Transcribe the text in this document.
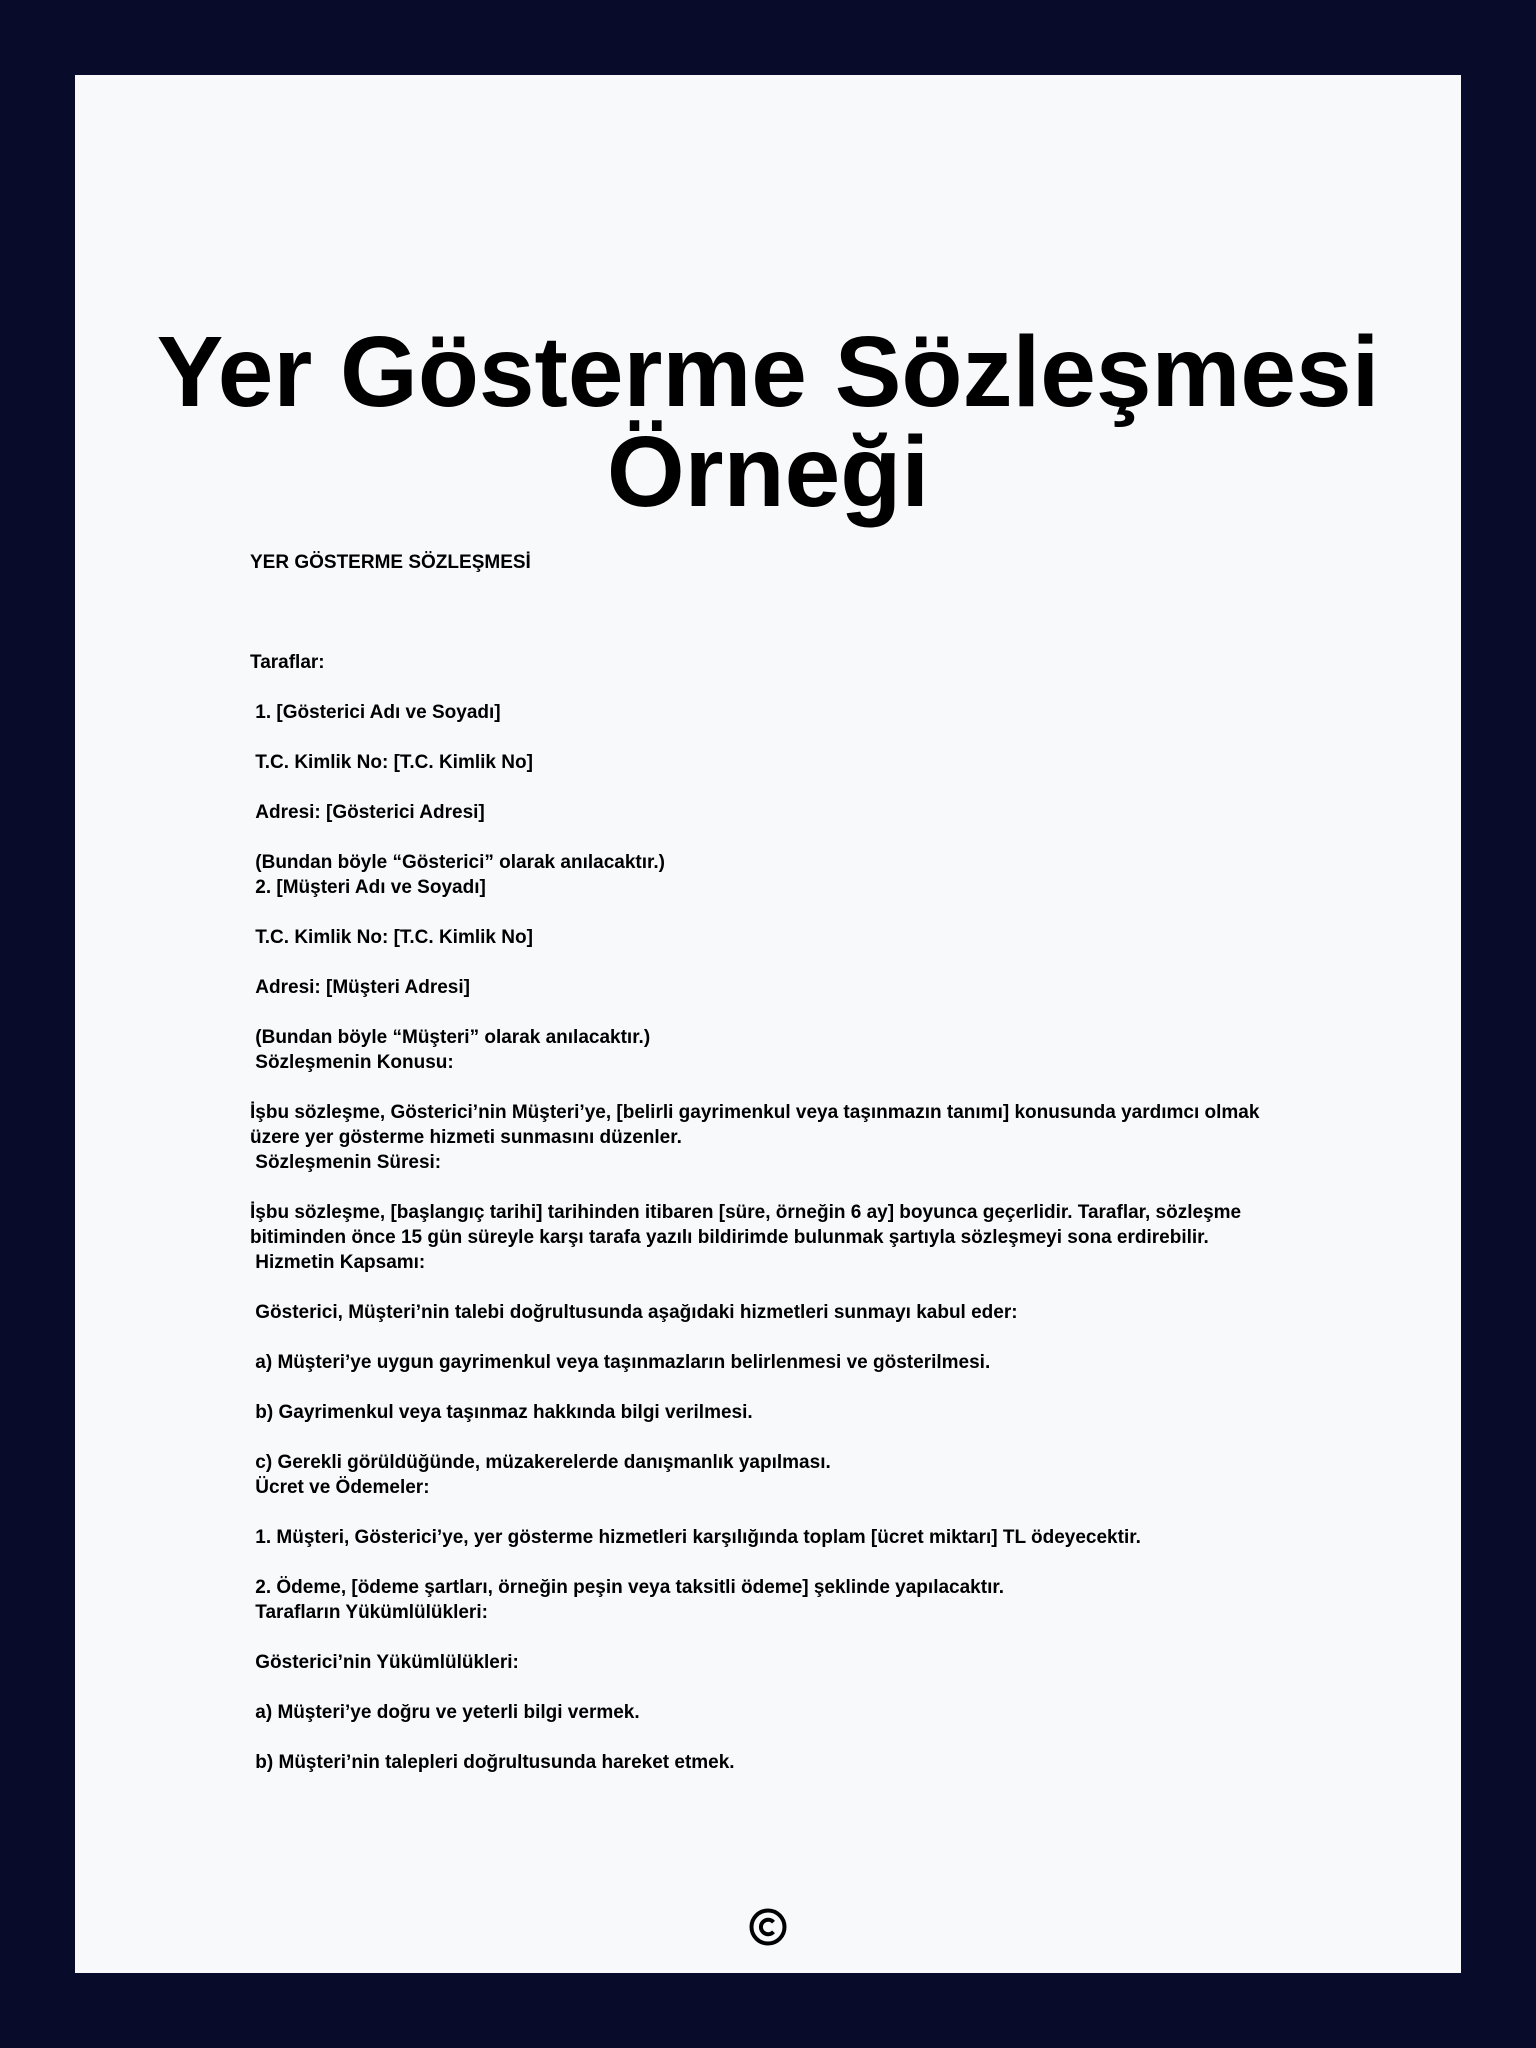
Yer Gösterme Sözleşmesi
Örneği
YER GÖSTERME SÖZLEŞMESİ
Taraflar:
1. [Gösterici Adı ve Soyadı]
T.C. Kimlik No: [T.C. Kimlik No]
Adresi: [Gösterici Adresi]
(Bundan böyle “Gösterici” olarak anılacaktır.)
2. [Müşteri Adı ve Soyadı]
T.C. Kimlik No: [T.C. Kimlik No]
Adresi: [Müşteri Adresi]
(Bundan böyle “Müşteri” olarak anılacaktır.)
Sözleşmenin Konusu:
İşbu sözleşme, Gösterici’nin Müşteri’ye, [belirli gayrimenkul veya taşınmazın tanımı] konusunda yardımcı olmak üzere yer gösterme hizmeti sunmasını düzenler.
Sözleşmenin Süresi:
İşbu sözleşme, [başlangıç tarihi] tarihinden itibaren [süre, örneğin 6 ay] boyunca geçerlidir. Taraflar, sözleşme bitiminden önce 15 gün süreyle karşı tarafa yazılı bildirimde bulunmak şartıyla sözleşmeyi sona erdirebilir.
Hizmetin Kapsamı:
Gösterici, Müşteri’nin talebi doğrultusunda aşağıdaki hizmetleri sunmayı kabul eder:
a) Müşteri’ye uygun gayrimenkul veya taşınmazların belirlenmesi ve gösterilmesi.
b) Gayrimenkul veya taşınmaz hakkında bilgi verilmesi.
c) Gerekli görüldüğünde, müzakerelerde danışmanlık yapılması.
Ücret ve Ödemeler:
1. Müşteri, Gösterici’ye, yer gösterme hizmetleri karşılığında toplam [ücret miktarı] TL ödeyecektir.
2. Ödeme, [ödeme şartları, örneğin peşin veya taksitli ödeme] şeklinde yapılacaktır.
Tarafların Yükümlülükleri:
Gösterici’nin Yükümlülükleri:
a) Müşteri’ye doğru ve yeterli bilgi vermek.
b) Müşteri’nin talepleri doğrultusunda hareket etmek.
